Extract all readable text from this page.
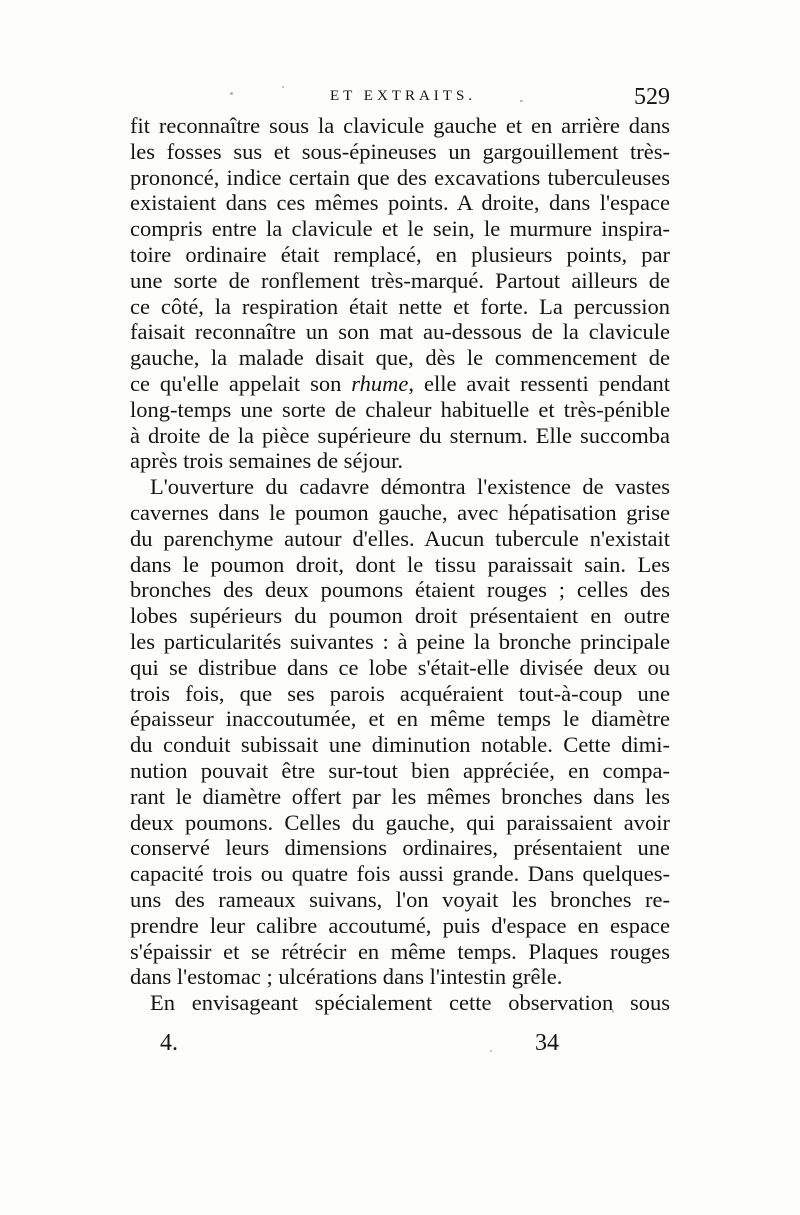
ET EXTRAITS.	529
fit reconnaître sous la clavicule gauche et en arrière dans
les fosses sus et sous-épineuses un gargouillement très-
prononcé, indice certain que des excavations tuberculeuses
existaient dans ces mêmes points. A droite, dans l'espace
compris entre la clavicule et le sein, le murmure inspira-
toire ordinaire était remplacé, en plusieurs points, par
une sorte de ronflement très-marqué. Partout ailleurs de
ce côté, la respiration était nette et forte. La percussion
faisait reconnaître un son mat au-dessous de la clavicule
gauche, la malade disait que, dès le commencement de
ce qu'elle appelait son rhume, elle avait ressenti pendant
long-temps une sorte de chaleur habituelle et très-pénible
à droite de la pièce supérieure du sternum. Elle succomba
après trois semaines de séjour.
L'ouverture du cadavre démontra l'existence de vastes
cavernes dans le poumon gauche, avec hépatisation grise
du parenchyme autour d'elles. Aucun tubercule n'existait
dans le poumon droit, dont le tissu paraissait sain. Les
bronches des deux poumons étaient rouges ; celles des
lobes supérieurs du poumon droit présentaient en outre
les particularités suivantes : à peine la bronche principale
qui se distribue dans ce lobe s'était-elle divisée deux ou
trois fois, que ses parois acquéraient tout-à-coup une
épaisseur inaccoutumée, et en même temps le diamètre
du conduit subissait une diminution notable. Cette dimi-
nution pouvait être sur-tout bien appréciée, en compa-
rant le diamètre offert par les mêmes bronches dans les
deux poumons. Celles du gauche, qui paraissaient avoir
conservé leurs dimensions ordinaires, présentaient une
capacité trois ou quatre fois aussi grande. Dans quelques-
uns des rameaux suivans, l'on voyait les bronches re-
prendre leur calibre accoutumé, puis d'espace en espace
s'épaissir et se rétrécir en même temps. Plaques rouges
dans l'estomac ; ulcérations dans l'intestin grêle.
En envisageant spécialement cette observation sous
4.	34
